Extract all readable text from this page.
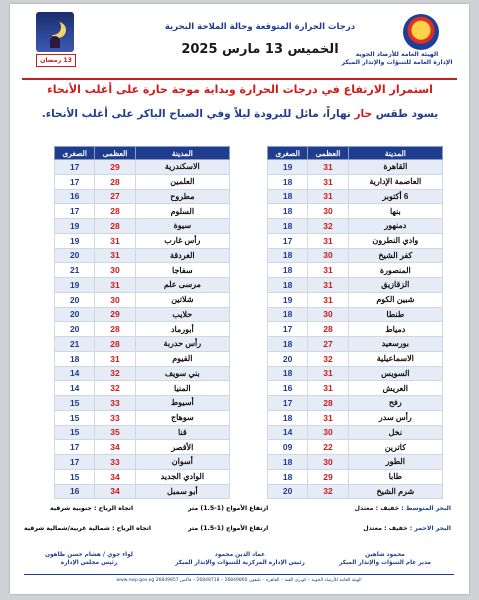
الهيئة العامة للأرصاد الجوية
الإدارة العامة للتنبؤات والإنذار المبكر
13 رمضان
درجات الحرارة المتوقعة وحالة الملاحة البحرية
الخميس 13 مارس 2025
استمرار الارتفاع في درجات الحرارة وبداية موجة حارة على أغلب الأنحاء
يسود طقس حار نهاراً، مائل للبرودة ليلاً وفي الصباح الباكر على أغلب الأنحاء.
المدينة	العظمى	الصغرى
القاهرة	31	19
العاصمة الإدارية	31	18
6 أكتوبر	31	18
بنها	30	18
دمنهور	32	18
وادي النطرون	31	17
كفر الشيخ	30	18
المنصورة	31	18
الزقازيق	31	18
شبين الكوم	31	19
طنطا	30	18
دمياط	28	17
بورسعيد	27	18
الاسماعيلية	32	20
السويس	31	18
العريش	31	16
رفح	28	17
رأس سدر	31	18
نخل	30	14
كاترين	22	09
الطور	30	18
طابا	29	18
شرم الشيخ	32	20
المدينة	العظمى	الصغرى
الاسكندرية	29	17
العلمين	28	17
مطروح	27	16
السلوم	28	17
سيوة	28	19
رأس غارب	31	19
الغردقة	31	20
سفاجا	30	21
مرسى علم	31	19
شلاتين	30	20
حلايب	29	20
أبورماد	28	20
رأس حدربة	28	21
الفيوم	31	18
بني سويف	32	14
المنيا	32	14
أسيوط	33	15
سوهاج	33	15
قنا	35	15
الأقصر	34	17
أسوان	33	17
الوادي الجديد	34	15
أبو سمبل	34	16
البحر المتوسط : خفيف : معتدل
ارتفاع الأمواج (1-1.5) متر
اتجاه الرياح : جنوبية شرقية
البحر الاحمر : خفيف : معتدل
ارتفاع الأمواج (1-1.5) متر
اتجاه الرياح : شمالية غربية/شمالية شرقية
محمود شاهين
مدير عام التنبؤات والإنذار المبكر
عماد الدين محمود
رئيس الإدارة المركزية للتنبؤات والإنذار المبكر
لواء جوي / هشام حسن طاهون
رئيس مجلس الإدارة
الهيئة العامة للأرصاد الجوية – كوبري القبة – القاهرة – تليفون 26849860 – 26848718 – فاكس 26849857 www.nwp.gov.eg
